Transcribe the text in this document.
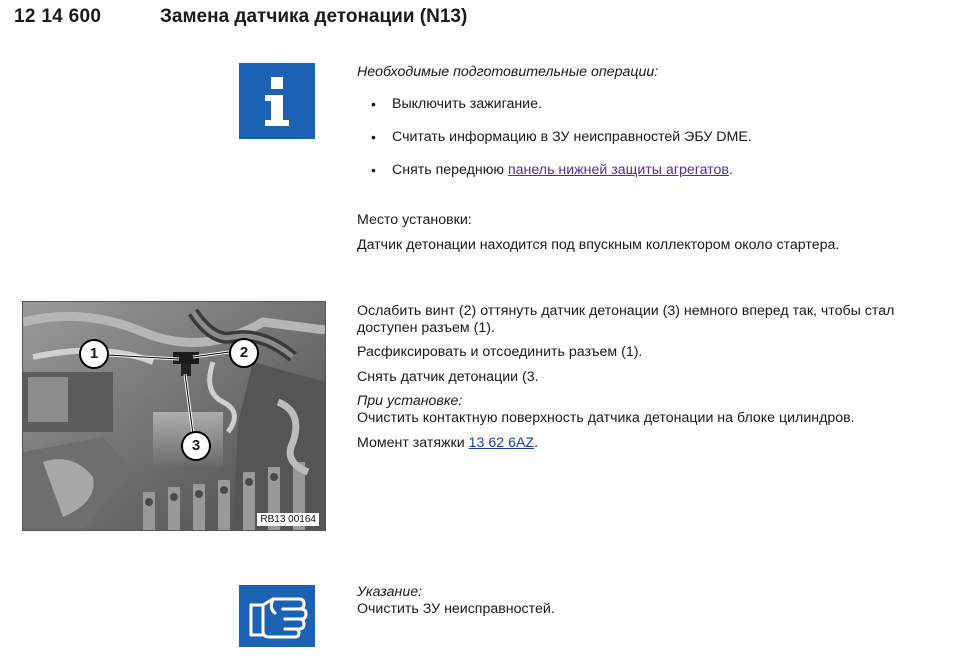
12 14 600	Замена датчика детонации (N13)
Необходимые подготовительные операции:
• Выключить зажигание.
• Считать информацию в ЗУ неисправностей ЭБУ DME.
• Снять переднюю панель нижней защиты агрегатов.
Место установки:
Датчик детонации находится под впускным коллектором около стартера.
1	2
3
RB13 00164
Ослабить винт (2) оттянуть датчик детонации (3) немного вперед так, чтобы стал
доступен разъем (1).
Расфиксировать и отсоединить разъем (1).
Снять датчик детонации (3.
При установке:
Очистить контактную поверхность датчика детонации на блоке цилиндров.
Момент затяжки 13 62 6AZ.
Указание:
Очистить ЗУ неисправностей.
